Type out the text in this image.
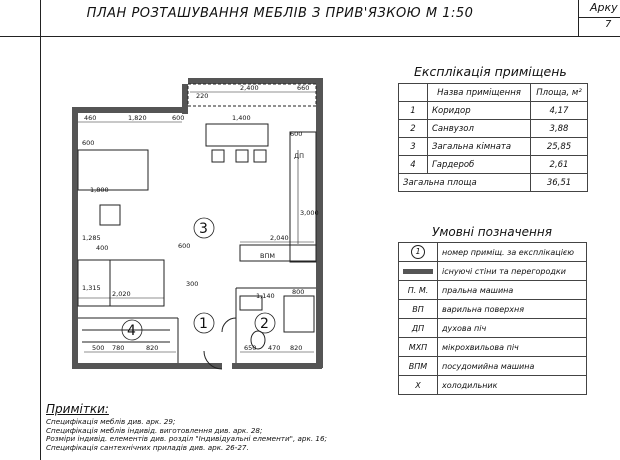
ПЛАН РОЗТАШУВАННЯ МЕБЛІВ З ПРИВ'ЯЗКОЮ М 1:50	Арку
7
3
1	2
4
2,400	660
460	1,820	600	1,400
600
1,800
3,000
2,040
600
2,020	1,140	800
780	820
500	650 470 820
300
400
1,315
1,285
220
600
ВПМ
ДП
Експлікація приміщень
	Назва приміщення	Площа, м²
1	Коридор	4,17
2	Санвузол	3,88
3	Загальна кімната	25,85
4	Гардероб	2,61
Загальна площа		36,51
Умовні позначення
1	номер приміщ. за експлікацією
	існуючі стіни та перегородки
П. М.	пральна машина
ВП	варильна поверхня
ДП	духова піч
МХП	мікрохвильова піч
ВПМ	посудомийна машина
Х	холодильник
Примітки:
Специфікація меблів див. арк. 29;
Специфікація меблів індивід. виготовлення див. арк. 28;
Розміри індивід. елементів див. розділ "Індивідуальні елементи", арк. 16;
Специфікація сантехнічних приладів див. арк. 26-27.
